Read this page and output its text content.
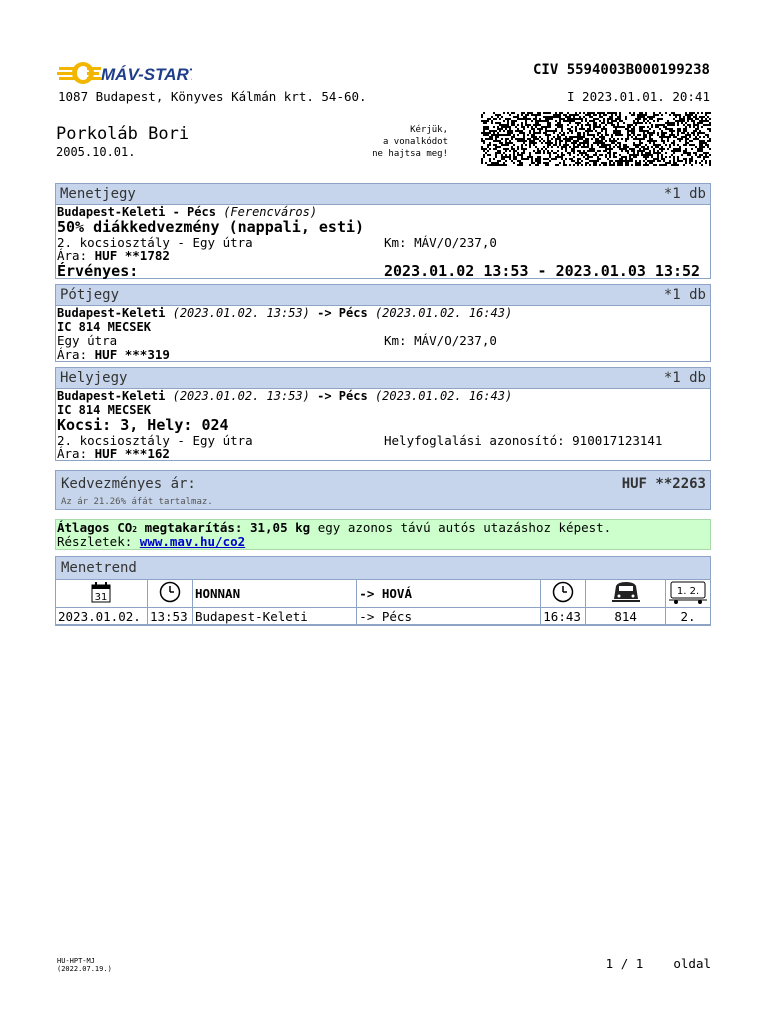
MÁV-START	CIV 5594003B000199238
1087 Budapest, Könyves Kálmán krt. 54-60.	I 2023.01.01. 20:41
Porkoláb Bori
2005.10.01.
Kérjük,
a vonalkódot
ne hajtsa meg!
Menetjegy	*1 db
Budapest-Keleti - Pécs (Ferencváros)
50% diákkedvezmény (nappali, esti)
2. kocsiosztály - Egy útra	Km: MÁV/O/237,0
Ára: HUF **1782
Érvényes:	2023.01.02 13:53 - 2023.01.03 13:52
Pótjegy	*1 db
Budapest-Keleti (2023.01.02. 13:53) -> Pécs (2023.01.02. 16:43)
IC 814 MECSEK
Egy útra	Km: MÁV/O/237,0
Ára: HUF ***319
Helyjegy	*1 db
Budapest-Keleti (2023.01.02. 13:53) -> Pécs (2023.01.02. 16:43)
IC 814 MECSEK
Kocsi: 3, Hely: 024
2. kocsiosztály - Egy útra	Helyfoglalási azonosító: 910017123141
Ára: HUF ***162
Kedvezményes ár:	HUF **2263
Az ár 21.26% áfát tartalmaz.
Átlagos CO2 megtakarítás: 31,05 kg egy azonos távú autós utazáshoz képest.
Részletek: www.mav.hu/co2
Menetrend
31		HONNAN	-> HOVÁ			1. 2.

2023.01.02.	13:53	Budapest-Keleti	-> Pécs	16:43	814	2.
HU-HPT-MJ
(2022.07.19.)	1 / 1    oldal
